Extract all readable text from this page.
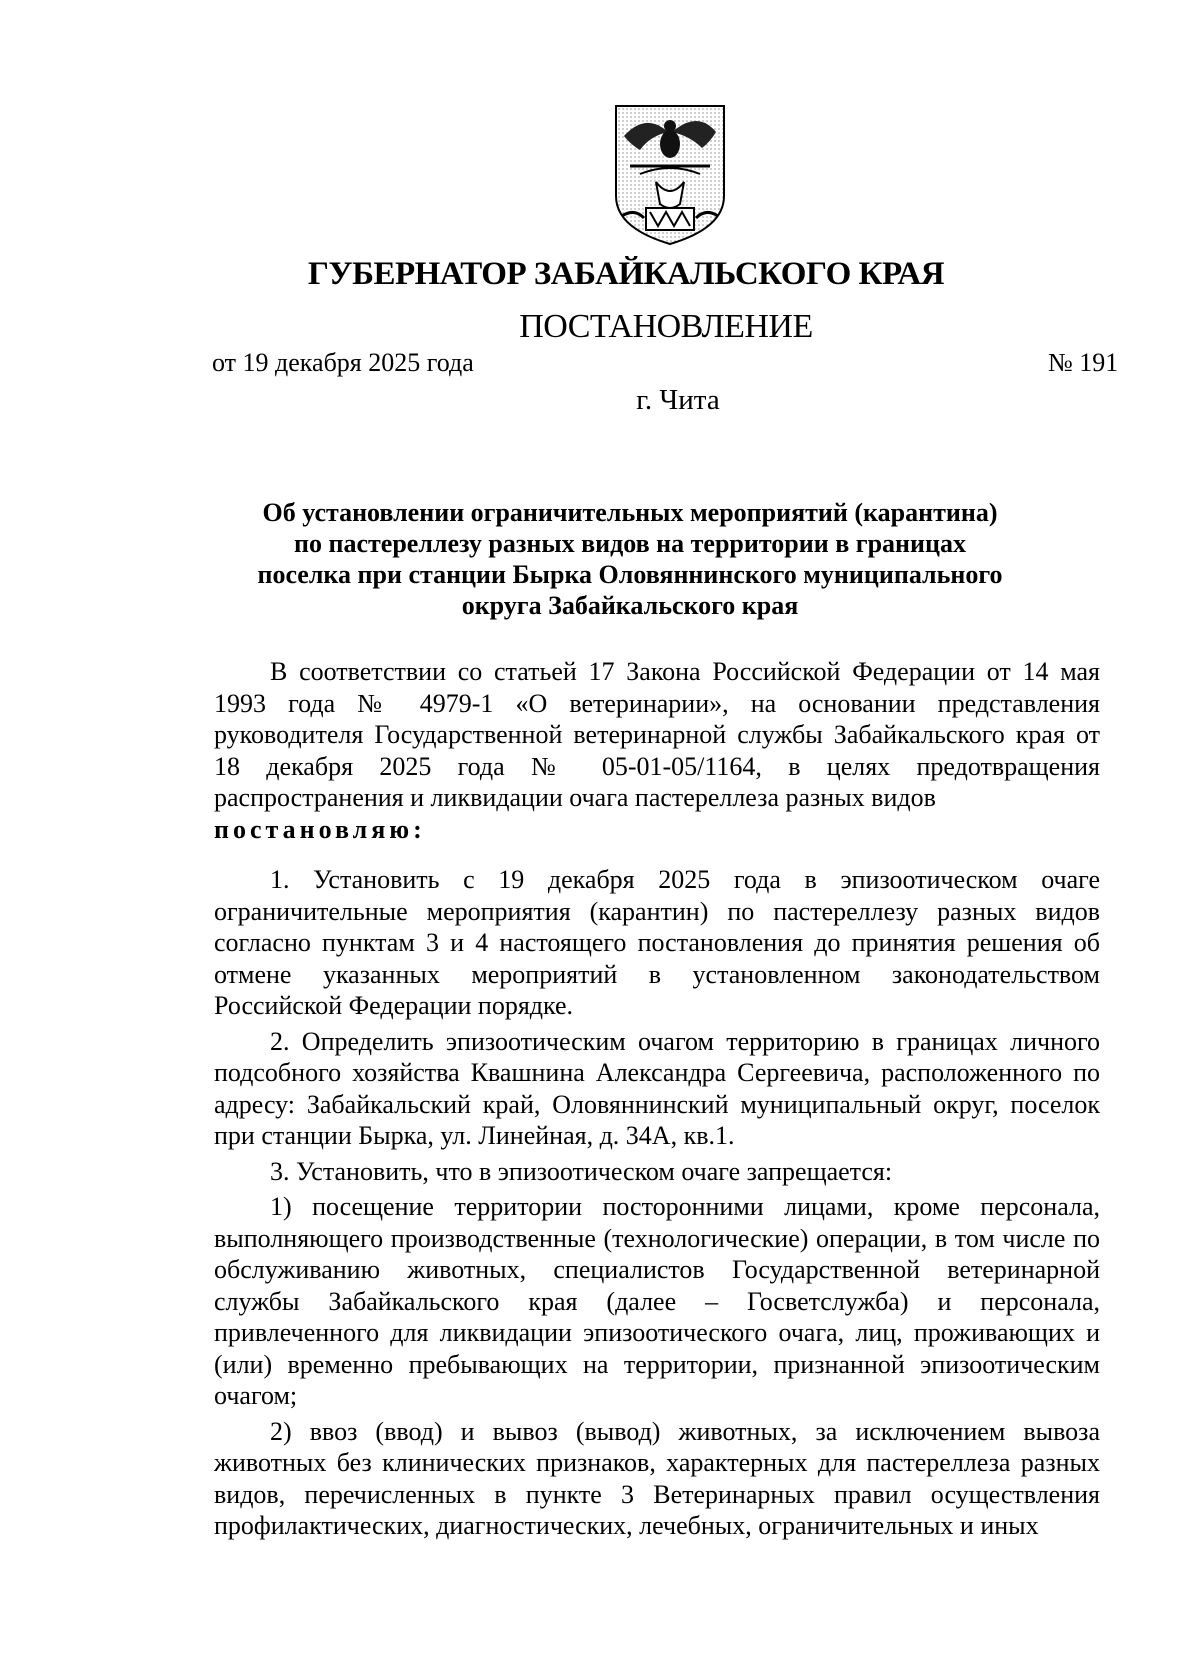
ГУБЕРНАТОР ЗАБАЙКАЛЬСКОГО КРАЯ
ПОСТАНОВЛЕНИЕ
от 19 декабря 2025 года	№ 191
г. Чита
Об установлении ограничительных мероприятий (карантина)
по пастереллезу разных видов на территории в границах
поселка при станции Бырка Оловяннинского муниципального
округа Забайкальского края

В соответствии со статьей 17 Закона Российской Федерации от 14 мая 1993 года № 4979-1 «О ветеринарии», на основании представления руководителя Государственной ветеринарной службы Забайкальского края от 18 декабря 2025 года № 05-01-05/1164, в целях предотвращения распространения и ликвидации очага пастереллеза разных видов

постановляю:

1. Установить с 19 декабря 2025 года в эпизоотическом очаге ограничительные мероприятия (карантин) по пастереллезу разных видов согласно пунктам 3 и 4 настоящего постановления до принятия решения об отмене указанных мероприятий в установленном законодательством Российской Федерации порядке.

2. Определить эпизоотическим очагом территорию в границах личного подсобного хозяйства Квашнина Александра Сергеевича, расположенного по адресу: Забайкальский край, Оловяннинский муниципальный округ, поселок при станции Бырка, ул. Линейная, д. 34А, кв.1.

3. Установить, что в эпизоотическом очаге запрещается:

1) посещение территории посторонними лицами, кроме персонала, выполняющего производственные (технологические) операции, в том числе по обслуживанию животных, специалистов Государственной ветеринарной службы Забайкальского края (далее – Госветслужба) и персонала, привлеченного для ликвидации эпизоотического очага, лиц, проживающих и (или) временно пребывающих на территории, признанной эпизоотическим очагом;

2) ввоз (ввод) и вывоз (вывод) животных, за исключением вывоза животных без клинических признаков, характерных для пастереллеза разных видов, перечисленных в пункте 3 Ветеринарных правил осуществления профилактических, диагностических, лечебных, ограничительных и иных
